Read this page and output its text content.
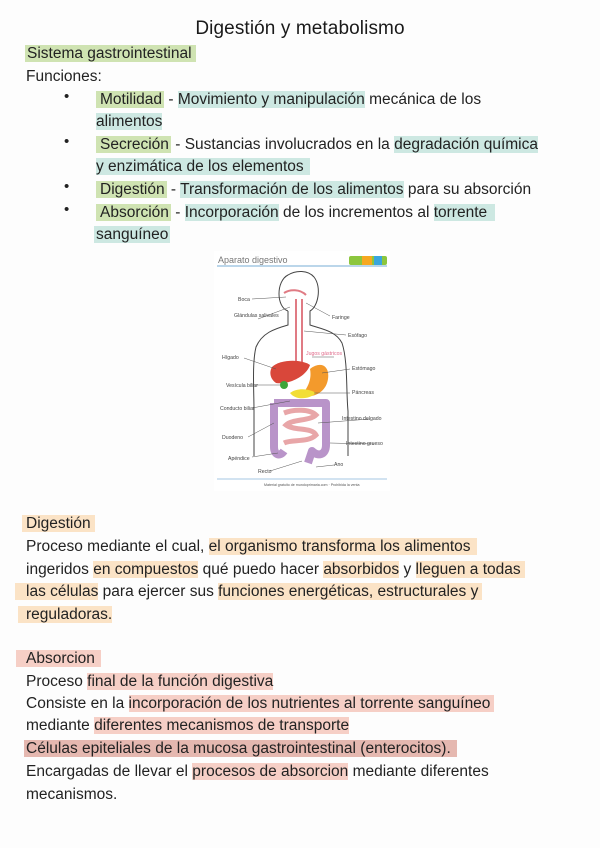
Digestión y metabolismo
Sistema gastrointestinal
Funciones:
• Motilidad - Movimiento y manipulación mecánica de los
alimentos
• Secreción - Sustancias involucrados en la degradación química
y enzimática de los elementos
• Digestión - Transformación de los alimentos para su absorción
• Absorción - Incorporación de los incrementos al torrente
sanguíneo
Aparato digestivo
Boca
Glándulas salivales	Faringe
Esófago
Hígado
Jugos gástricos
Estómago
Vesícula biliar
Páncreas
Conducto biliar
Intestino delgado
Duodeno
Intestino grueso
Apéndice
Recto
Ano
Material gratuito de mundoprimaria.com · Prohibida la venta
Digestión
Proceso mediante el cual, el organismo transforma los alimentos
ingeridos en compuestos qué puedo hacer absorbidos y lleguen a todas
las células para ejercer sus funciones energéticas, estructurales y
reguladoras.
Absorcion
Proceso final de la función digestiva
Consiste en la incorporación de los nutrientes al torrente sanguíneo
mediante diferentes mecanismos de transporte
Células epiteliales de la mucosa gastrointestinal (enterocitos).
Encargadas de llevar el procesos de absorcion mediante diferentes
mecanismos.
